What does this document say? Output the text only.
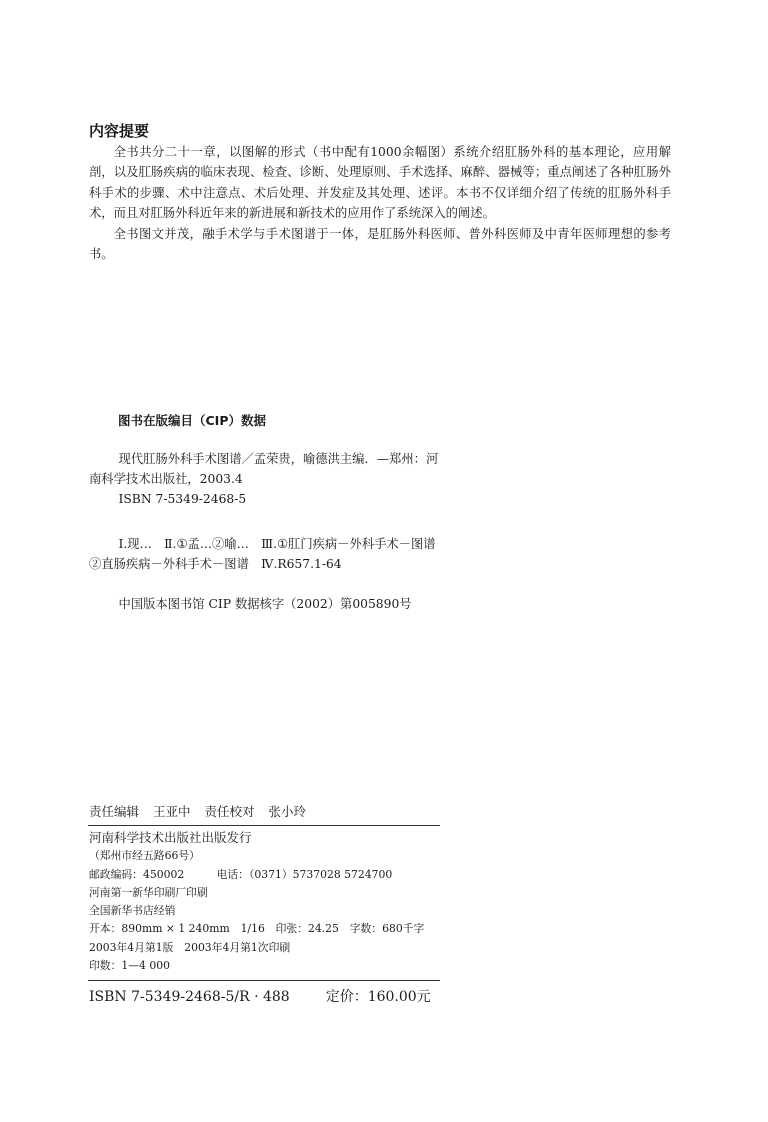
内容提要

全书共分二十一章，以图解的形式（书中配有1000余幅图）系统介绍肛肠外科的基本理论，应用解剖，以及肛肠疾病的临床表现、检查、诊断、处理原则、手术选择、麻醉、器械等；重点阐述了各种肛肠外科手术的步骤、术中注意点、术后处理、并发症及其处理、述评。本书不仅详细介绍了传统的肛肠外科手术，而且对肛肠外科近年来的新进展和新技术的应用作了系统深入的阐述。

全书图文并茂，融手术学与手术图谱于一体，是肛肠外科医师、普外科医师及中青年医师理想的参考书。

图书在版编目（CIP）数据

现代肛肠外科手术图谱／孟荣贵，喻德洪主编．—郑州：河南科学技术出版社，2003.4

ISBN 7-5349-2468-5

Ⅰ.现…　Ⅱ.①孟…②喻…　Ⅲ.①肛门疾病－外科手术－图谱②直肠疾病－外科手术－图谱　Ⅳ.R657.1-64

中国版本图书馆 CIP 数据核字（2002）第005890号

责任编辑 王亚中 责任校对 张小玲
河南科学技术出版社出版发行
（郑州市经五路66号）
邮政编码：450002　　　	电话：（0371）5737028 5724700
河南第一新华印刷厂印刷
全国新华书店经销
开本：890mm × 1 240mm　1/16　印张：24.25　字数：680千字
2003年4月第1版　2003年4月第1次印刷
印数：1—4 000
ISBN 7-5349-2468-5/R · 488	定价：160.00元
